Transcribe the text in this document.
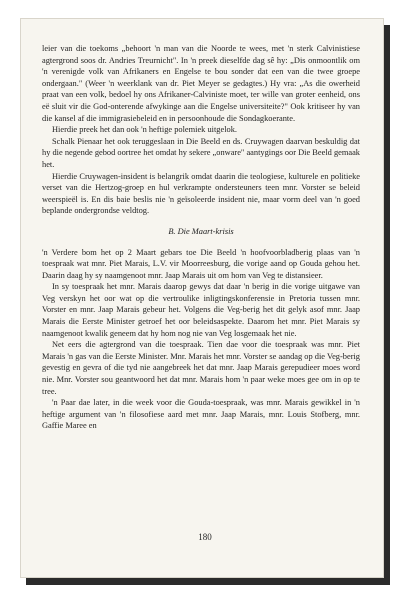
leier van die toekoms „behoort 'n man van die Noorde te wees, met 'n sterk Calvinistiese agtergrond soos dr. Andries Treurnicht". In 'n preek dieselfde dag sê hy: „Dis onmoontlik om 'n verenigde volk van Afrikaners en Engelse te bou sonder dat een van die twee groepe ondergaan." (Weer 'n weerklank van dr. Piet Meyer se gedagtes.) Hy vra: „As die owerheid praat van een volk, bedoel hy ons Afrikaner-Calviniste moet, ter wille van groter eenheid, ons eë sluit vir die God-onterende afwykinge aan die Engelse universiteite?" Ook kritiseer hy van die kansel af die immigrasiebeleid en in persoonhoude die Sondagkoerante.

Hierdie preek het dan ook 'n heftige polemiek uitgelok.

Schalk Pienaar het ook teruggeslaan in Die Beeld en ds. Cruywagen daarvan beskuldig dat hy die negende gebod oortree het omdat hy sekere „onware" aantygings oor Die Beeld gemaak het.

Hierdie Cruywagen-insident is belangrik omdat daarin die teologiese, kulturele en politieke verset van die Hertzog-groep en hul verkrampte ondersteuners teen mnr. Vorster se beleid weerspieël is. En dis baie beslis nie 'n geïsoleerde insident nie, maar vorm deel van 'n goed beplande ondergrondse veldtog.

B. Die Maart-krisis

'n Verdere bom het op 2 Maart gebars toe Die Beeld 'n hoofvoorbladberig plaas van 'n toespraak wat mnr. Piet Marais, L.V. vir Moorreesburg, die vorige aand op Gouda gehou het. Daarin daag hy sy naamgenoot mnr. Jaap Marais uit om hom van Veg te distansieer.

In sy toespraak het mnr. Marais daarop gewys dat daar 'n berig in die vorige uitgawe van Veg verskyn het oor wat op die vertroulike inligtingskonferensie in Pretoria tussen mnr. Vorster en mnr. Jaap Marais gebeur het. Volgens die Veg-berig het dit gelyk asof mnr. Jaap Marais die Eerste Minister getroef het oor beleidsaspekte. Daarom het mnr. Piet Marais sy naamgenoot kwalik geneem dat hy hom nog nie van Veg losgemaak het nie.

Net eers die agtergrond van die toespraak. Tien dae voor die toespraak was mnr. Piet Marais 'n gas van die Eerste Minister. Mnr. Marais het mnr. Vorster se aandag op die Veg-berig gevestig en gevra of die tyd nie aangebreek het dat mnr. Jaap Marais gerepudieer moes word nie. Mnr. Vorster sou geantwoord het dat mnr. Marais hom 'n paar weke moes gee om in op te tree.

'n Paar dae later, in die week voor die Gouda-toespraak, was mnr. Marais gewikkel in 'n heftige argument van 'n filosofiese aard met mnr. Jaap Marais, mnr. Louis Stofberg, mnr. Gaffie Maree en

180
